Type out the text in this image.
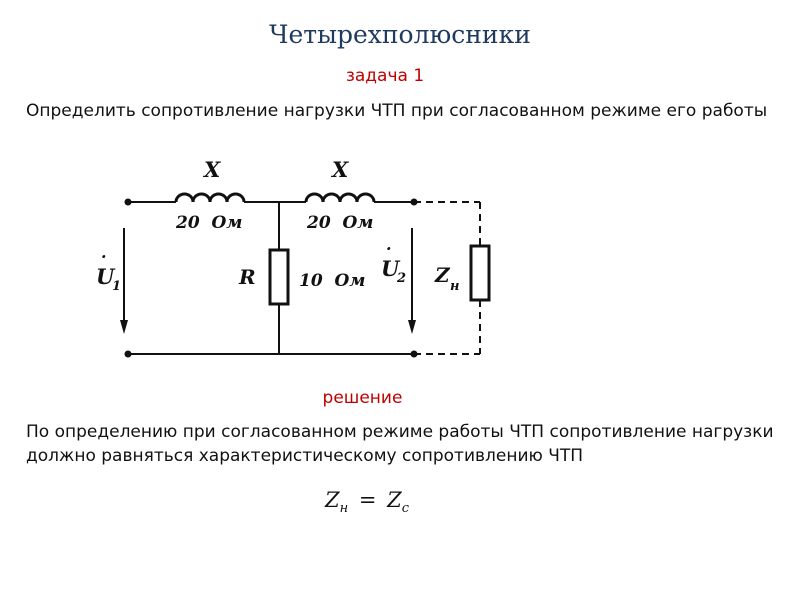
Четырехполюсники
задача 1
Определить сопротивление нагрузки ЧТП при согласованном режиме его работы
X
20  Ом
X
20  Ом
R	10  Ом
U
·
1
U
·
2 Z н
решение
По определению при согласованном режиме работы ЧТП сопротивление нагрузки должно равняться характеристическому сопротивлению ЧТП
$Z_н = Z_c$
